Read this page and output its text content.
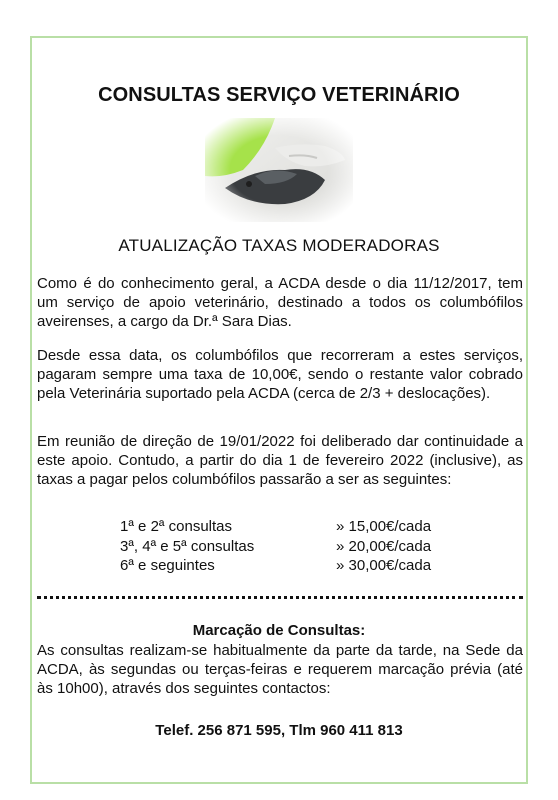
CONSULTAS SERVIÇO VETERINÁRIO
ATUALIZAÇÃO TAXAS MODERADORAS

Como é do conhecimento geral, a ACDA desde o dia 11/12/2017, tem um serviço de apoio veterinário, destinado a todos os columbófilos aveirenses, a cargo da Dr.ª Sara Dias.

Desde essa data, os columbófilos que recorreram a estes serviços, pagaram sempre uma taxa de 10,00€, sendo o restante valor cobrado pela Veterinária suportado pela ACDA (cerca de 2/3 + deslocações).

Em reunião de direção de 19/01/2022 foi deliberado dar continuidade a este apoio. Contudo, a partir do dia 1 de fevereiro 2022 (inclusive), as taxas a pagar pelos columbófilos passarão a ser as seguintes:

1ª e 2ª consultas	» 15,00€/cada
3ª, 4ª e 5ª consultas	» 20,00€/cada
6ª e seguintes	» 30,00€/cada
Marcação de Consultas:

As consultas realizam-se habitualmente da parte da tarde, na Sede da ACDA, às segundas ou terças-feiras e requerem marcação prévia (até às 10h00), através dos seguintes contactos:

Telef. 256 871 595, Tlm 960 411 813
